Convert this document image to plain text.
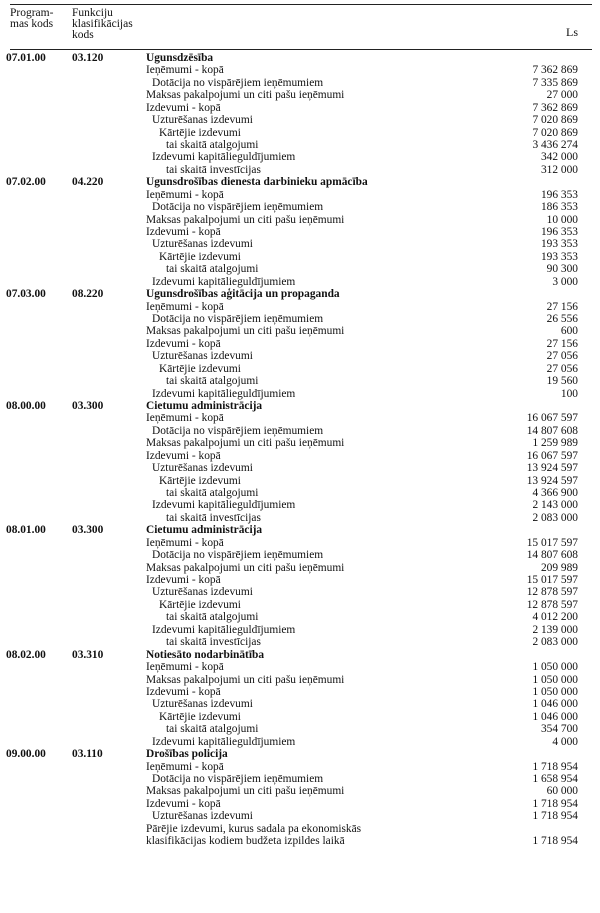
Program-
mas kods
Funkciju
klasifikācijas
kods	Ls
07.01.00 03.120	Ugunsdzēsība
Ieņēmumi - kopā	7 362 869
Dotācija no vispārējiem ieņēmumiem	7 335 869
Maksas pakalpojumi un citi pašu ieņēmumi	27 000
Izdevumi - kopā	7 362 869
Uzturēšanas izdevumi	7 020 869
Kārtējie izdevumi	7 020 869
tai skaitā atalgojumi	3 436 274
Izdevumi kapitālieguldījumiem	342 000
tai skaitā investīcijas	312 000
07.02.00 04.220	Ugunsdrošības dienesta darbinieku apmācība
Ieņēmumi - kopā	196 353
Dotācija no vispārējiem ieņēmumiem	186 353
Maksas pakalpojumi un citi pašu ieņēmumi	10 000
Izdevumi - kopā	196 353
Uzturēšanas izdevumi	193 353
Kārtējie izdevumi	193 353
tai skaitā atalgojumi	90 300
Izdevumi kapitālieguldījumiem	3 000
07.03.00 08.220	Ugunsdrošības aģitācija un propaganda
Ieņēmumi - kopā	27 156
Dotācija no vispārējiem ieņēmumiem	26 556
Maksas pakalpojumi un citi pašu ieņēmumi	600
Izdevumi - kopā	27 156
Uzturēšanas izdevumi	27 056
Kārtējie izdevumi	27 056
tai skaitā atalgojumi	19 560
Izdevumi kapitālieguldījumiem	100
08.00.00 03.300	Cietumu administrācija
Ieņēmumi - kopā	16 067 597
Dotācija no vispārējiem ieņēmumiem	14 807 608
Maksas pakalpojumi un citi pašu ieņēmumi	1 259 989
Izdevumi - kopā	16 067 597
Uzturēšanas izdevumi	13 924 597
Kārtējie izdevumi	13 924 597
tai skaitā atalgojumi	4 366 900
Izdevumi kapitālieguldījumiem	2 143 000
tai skaitā investīcijas	2 083 000
08.01.00 03.300	Cietumu administrācija
Ieņēmumi - kopā	15 017 597
Dotācija no vispārējiem ieņēmumiem	14 807 608
Maksas pakalpojumi un citi pašu ieņēmumi	209 989
Izdevumi - kopā	15 017 597
Uzturēšanas izdevumi	12 878 597
Kārtējie izdevumi	12 878 597
tai skaitā atalgojumi	4 012 200
Izdevumi kapitālieguldījumiem	2 139 000
tai skaitā investīcijas	2 083 000
08.02.00 03.310	Notiesāto nodarbinātība
Ieņēmumi - kopā	1 050 000
Maksas pakalpojumi un citi pašu ieņēmumi	1 050 000
Izdevumi - kopā	1 050 000
Uzturēšanas izdevumi	1 046 000
Kārtējie izdevumi	1 046 000
tai skaitā atalgojumi	354 700
Izdevumi kapitālieguldījumiem	4 000
09.00.00 03.110	Drošības policija
Ieņēmumi - kopā	1 718 954
Dotācija no vispārējiem ieņēmumiem	1 658 954
Maksas pakalpojumi un citi pašu ieņēmumi	60 000
Izdevumi - kopā	1 718 954
Uzturēšanas izdevumi	1 718 954
Pārējie izdevumi, kurus sadala pa ekonomiskās
klasifikācijas kodiem budžeta izpildes laikā	1 718 954
